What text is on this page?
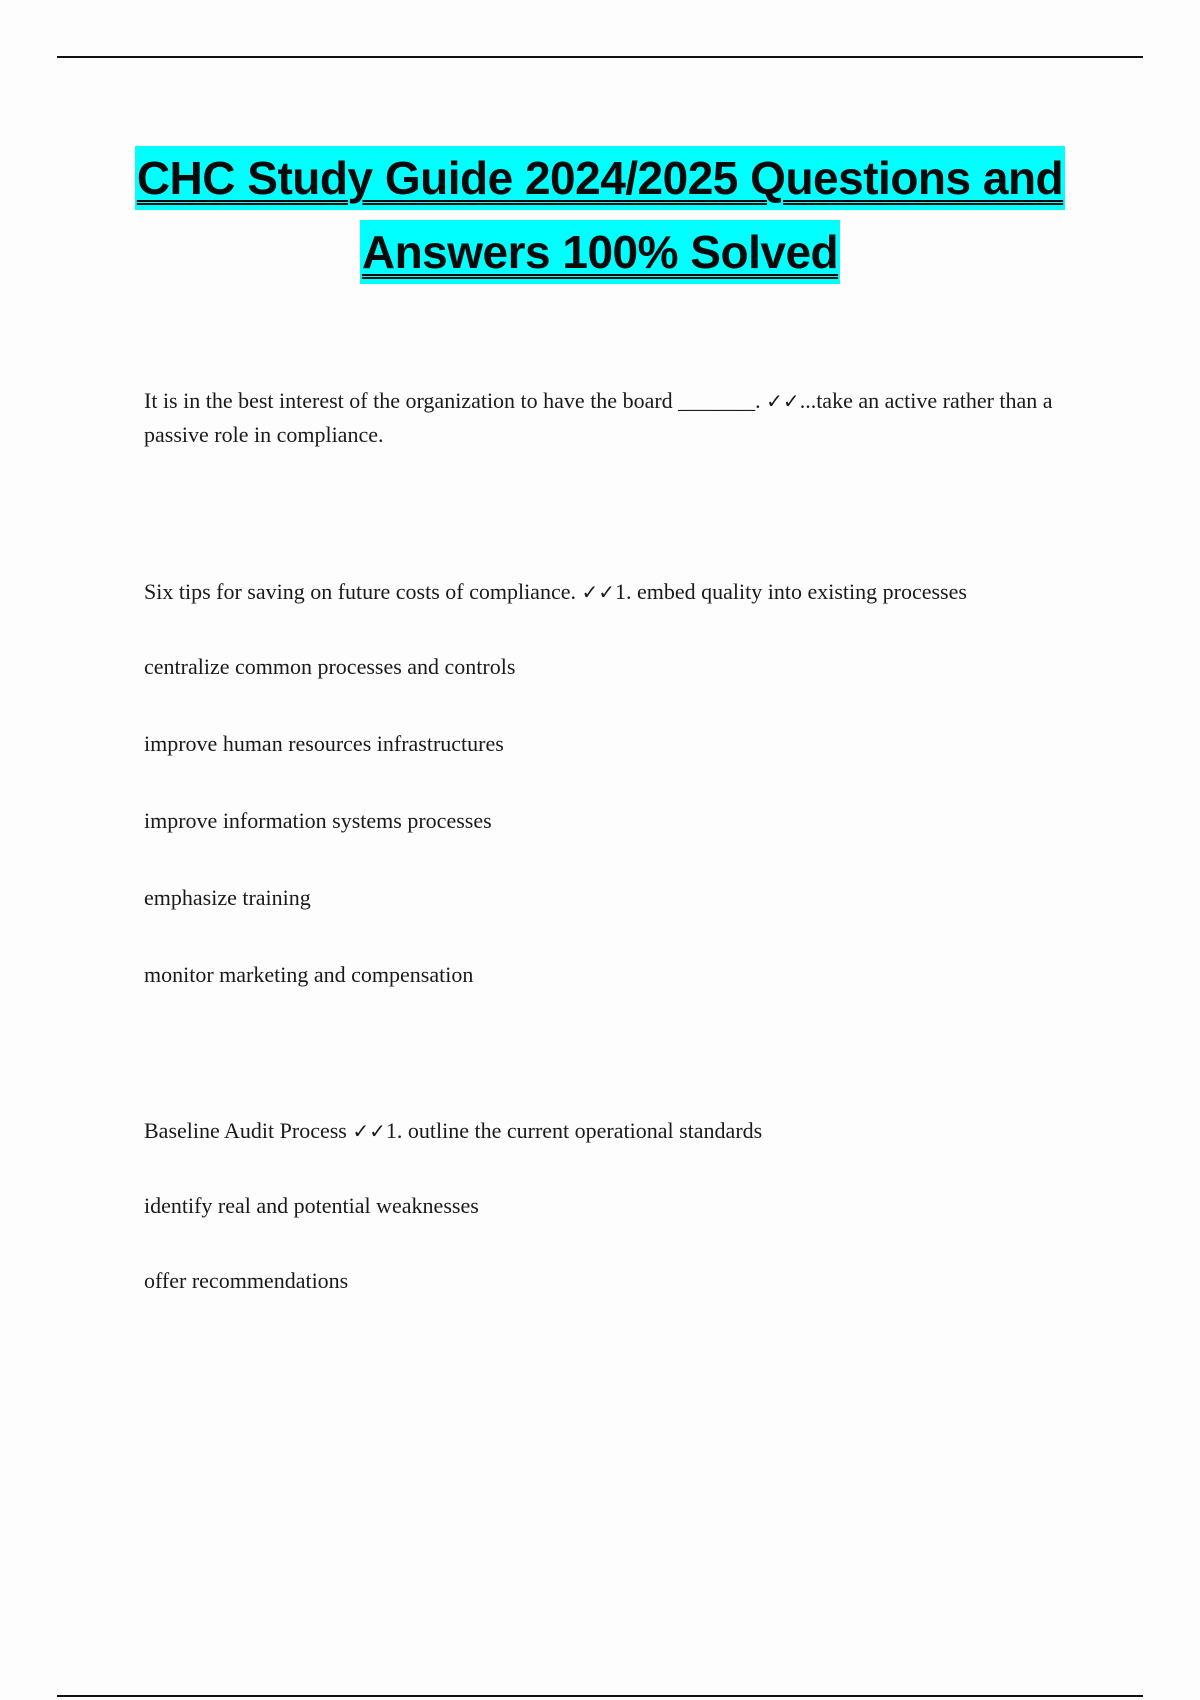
CHC Study Guide 2024/2025 Questions and
Answers 100% Solved

It is in the best interest of the organization to have the board _______. ✓✓...take an active rather than a passive role in compliance.

Six tips for saving on future costs of compliance. ✓✓1. embed quality into existing processes

centralize common processes and controls

improve human resources infrastructures

improve information systems processes

emphasize training

monitor marketing and compensation

Baseline Audit Process ✓✓1. outline the current operational standards

identify real and potential weaknesses

offer recommendations
